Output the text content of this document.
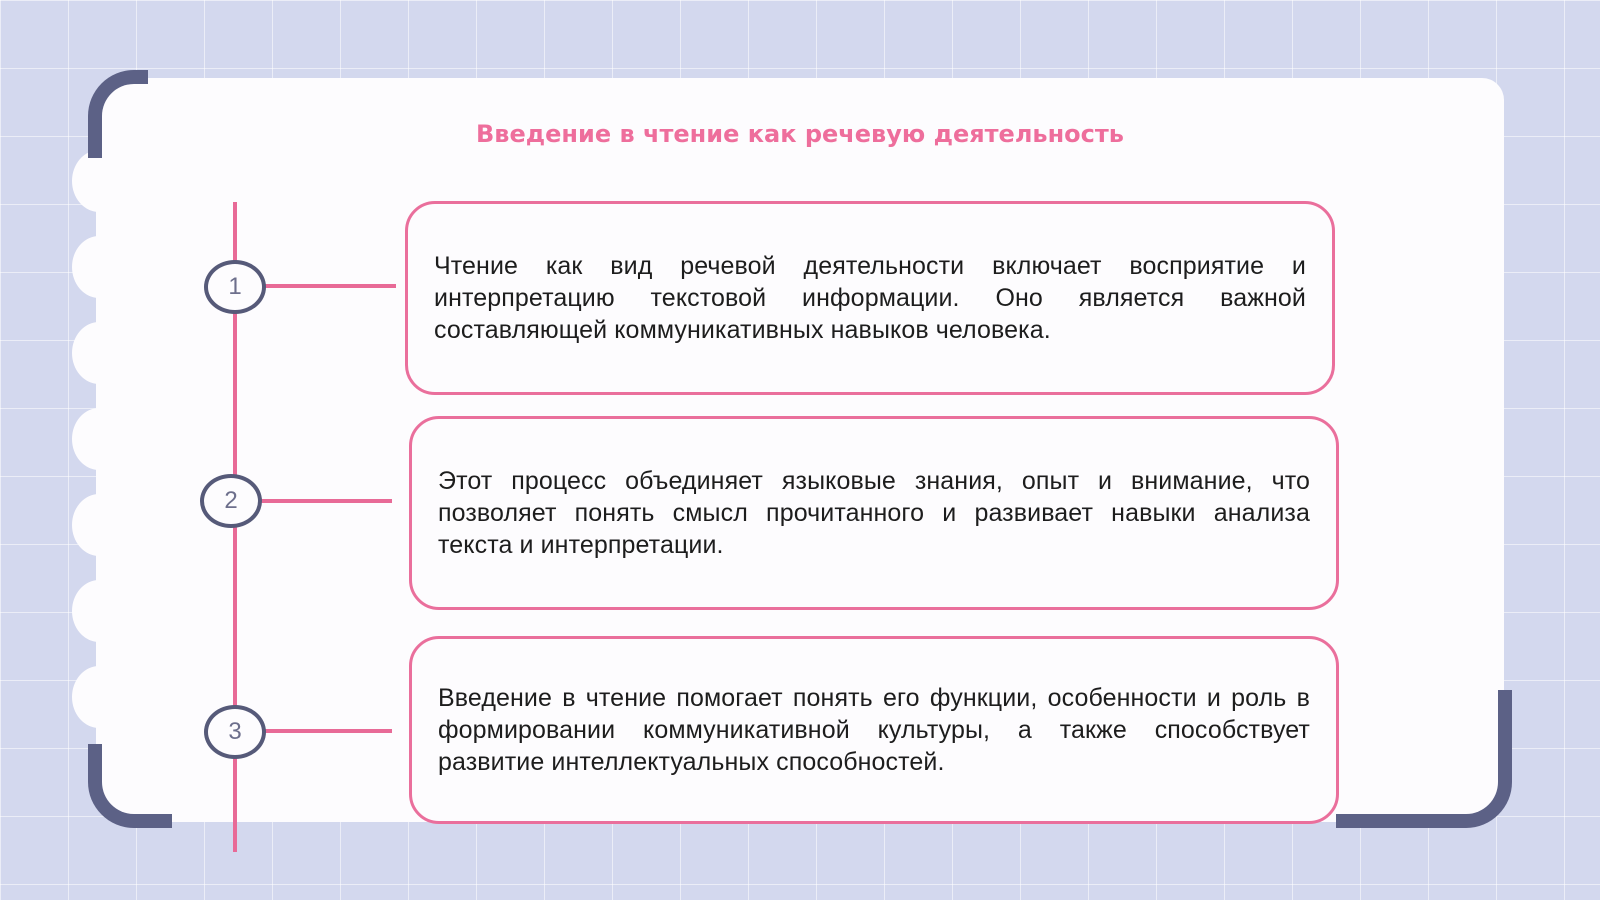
Введение в чтение как речевую деятельность
1
2
3

Чтение как вид речевой деятельности включает восприятие и интерпретацию текстовой информации. Оно является важной составляющей коммуникативных навыков человека.

Этот процесс объединяет языковые знания, опыт и внимание, что позволяет понять смысл прочитанного и развивает навыки анализа текста и интерпретации.

Введение в чтение помогает понять его функции, особенности и роль в формировании коммуникативной культуры, а также способствует развитие интеллектуальных способностей.
